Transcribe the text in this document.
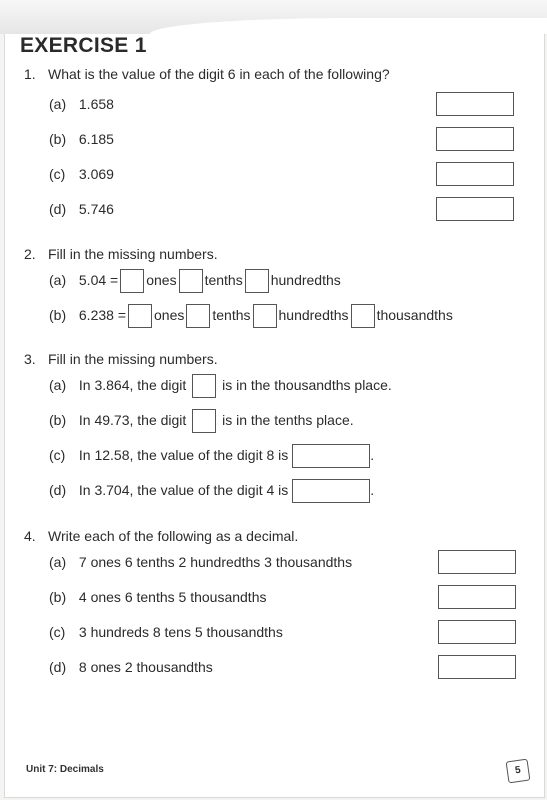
EXERCISE 1
1. What is the value of the digit 6 in each of the following?
(a) 1.658
(b) 6.185
(c) 3.069
(d) 5.746
2. Fill in the missing numbers.
(a) 5.04 = ones tenths hundredths
(b) 6.238 = ones tenths hundredths thousandths
3. Fill in the missing numbers.
(a) In 3.864, the digit	is in the thousandths place.
(b) In 49.73, the digit	is in the tenths place.
(c) In 12.58, the value of the digit 8 is	.
(d) In 3.704, the value of the digit 4 is	.
4. Write each of the following as a decimal.
(a) 7 ones 6 tenths 2 hundredths 3 thousandths
(b) 4 ones 6 tenths 5 thousandths
(c) 3 hundreds 8 tens 5 thousandths
(d) 8 ones 2 thousandths
Unit 7: Decimals	5
